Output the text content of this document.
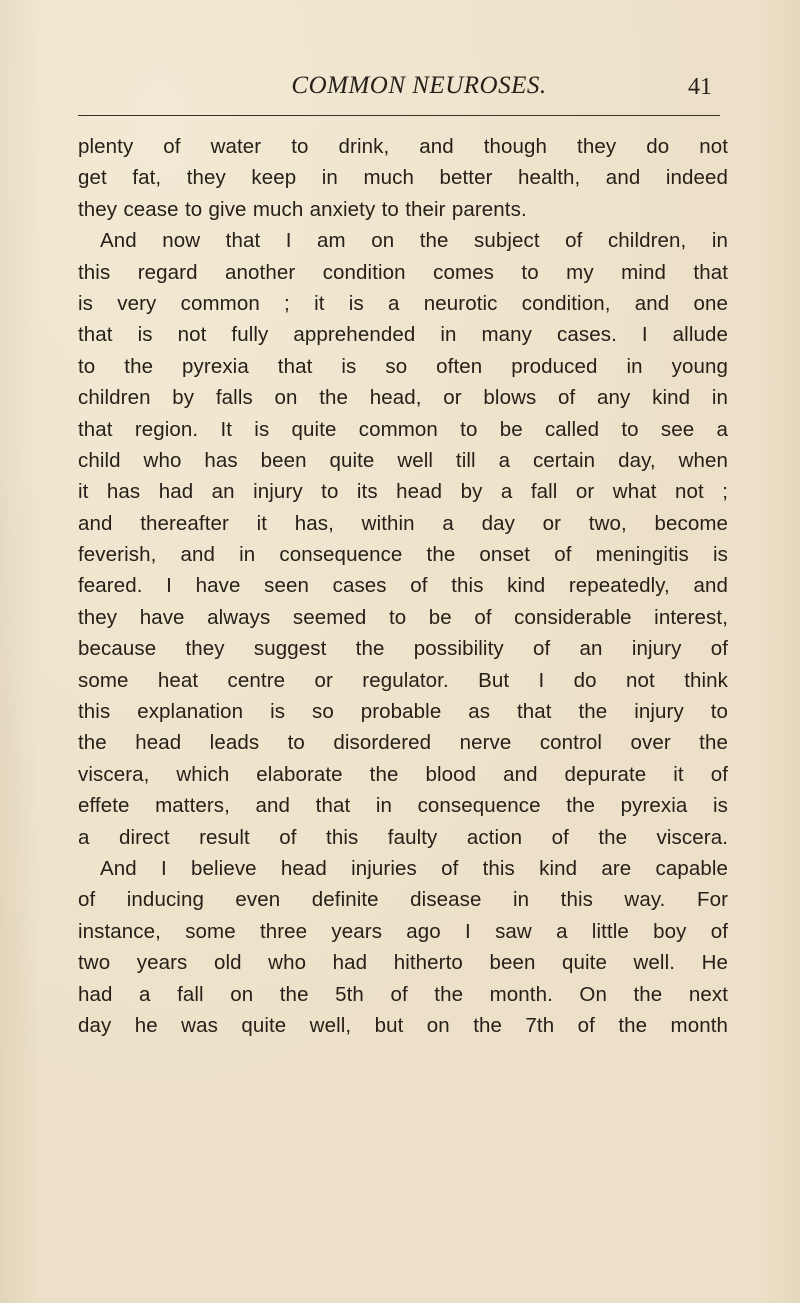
COMMON NEUROSES.	41
plenty of water to drink, and though they do not
get fat, they keep in much better health, and indeed
they cease to give much anxiety to their parents.
And now that I am on the subject of children, in
this regard another condition comes to my mind that
is very common ; it is a neurotic condition, and one
that is not fully apprehended in many cases. I allude
to the pyrexia that is so often produced in young
children by falls on the head, or blows of any kind in
that region. It is quite common to be called to see a
child who has been quite well till a certain day, when
it has had an injury to its head by a fall or what not ;
and thereafter it has, within a day or two, become
feverish, and in consequence the onset of meningitis is
feared. I have seen cases of this kind repeatedly, and
they have always seemed to be of considerable interest,
because they suggest the possibility of an injury of
some heat centre or regulator. But I do not think
this explanation is so probable as that the injury to
the head leads to disordered nerve control over the
viscera, which elaborate the blood and depurate it of
effete matters, and that in consequence the pyrexia is
a direct result of this faulty action of the viscera.
And I believe head injuries of this kind are capable
of inducing even definite disease in this way. For
instance, some three years ago I saw a little boy of
two years old who had hitherto been quite well. He
had a fall on the 5th of the month. On the next
day he was quite well, but on the 7th of the month
